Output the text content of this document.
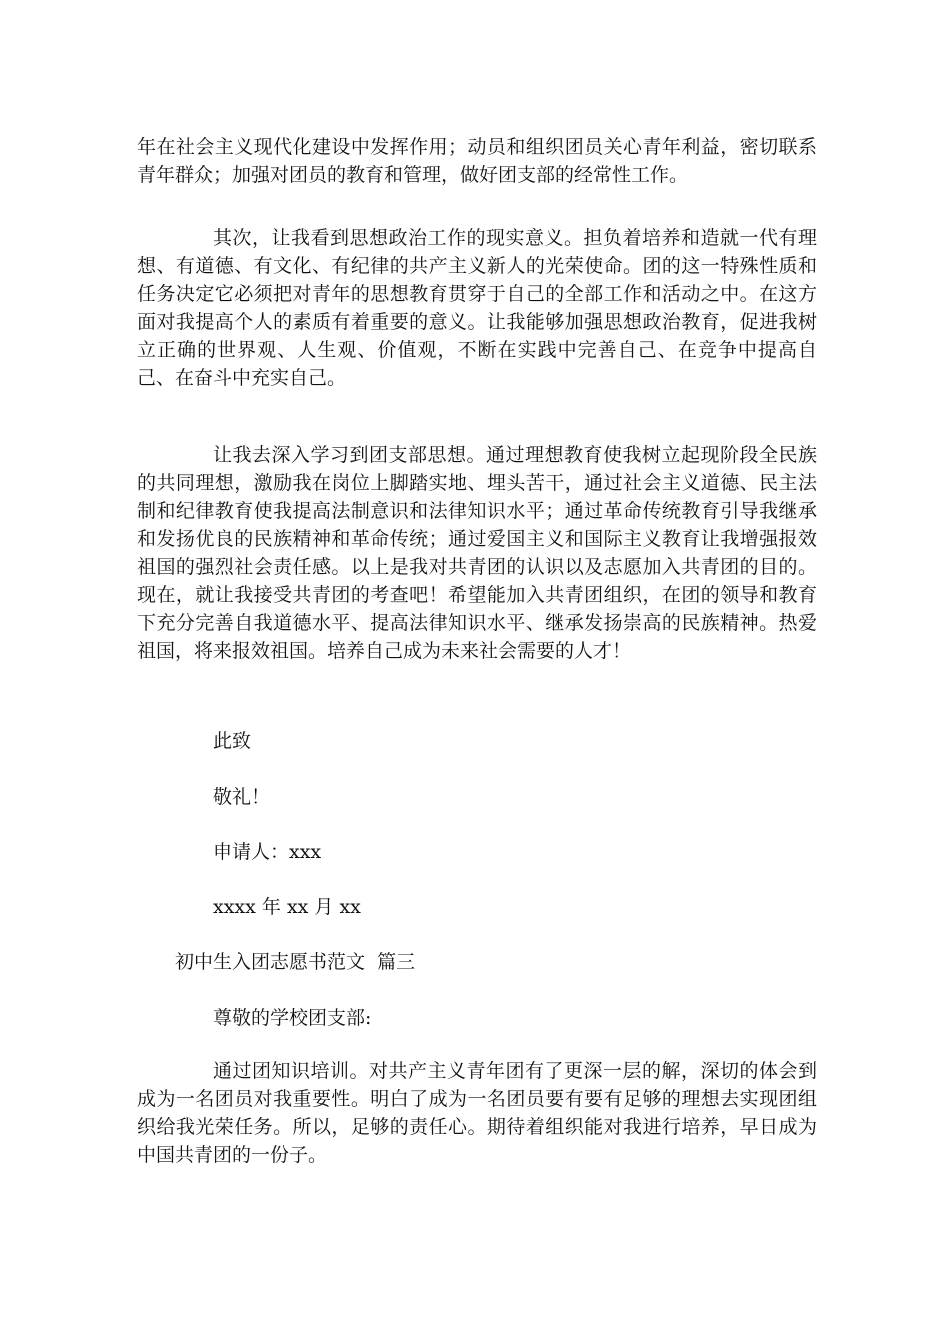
年在社会主义现代化建设中发挥作用；动员和组织团员关心青年利益，密切联系青年群众；加强对团员的教育和管理，做好团支部的经常性工作。

其次，让我看到思想政治工作的现实意义。担负着培养和造就一代有理想、有道德、有文化、有纪律的共产主义新人的光荣使命。团的这一特殊性质和任务决定它必须把对青年的思想教育贯穿于自己的全部工作和活动之中。在这方面对我提高个人的素质有着重要的意义。让我能够加强思想政治教育，促进我树立正确的世界观、人生观、价值观，不断在实践中完善自己、在竞争中提高自己、在奋斗中充实自己。

让我去深入学习到团支部思想。通过理想教育使我树立起现阶段全民族的共同理想，激励我在岗位上脚踏实地、埋头苦干，通过社会主义道德、民主法制和纪律教育使我提高法制意识和法律知识水平；通过革命传统教育引导我继承和发扬优良的民族精神和革命传统；通过爱国主义和国际主义教育让我增强报效祖国的强烈社会责任感。以上是我对共青团的认识以及志愿加入共青团的目的。现在，就让我接受共青团的考查吧！希望能加入共青团组织，在团的领导和教育下充分完善自我道德水平、提高法律知识水平、继承发扬崇高的民族精神。热爱祖国，将来报效祖国。培养自己成为未来社会需要的人才！

此致

敬礼！

申请人：xxx

xxxx 年 xx 月 xx

初中生入团志愿书范文  篇三

尊敬的学校团支部:

通过团知识培训。对共产主义青年团有了更深一层的解，深切的体会到成为一名团员对我重要性。明白了成为一名团员要有要有足够的理想去实现团组织给我光荣任务。所以，足够的责任心。期待着组织能对我进行培养，早日成为中国共青团的一份子。
